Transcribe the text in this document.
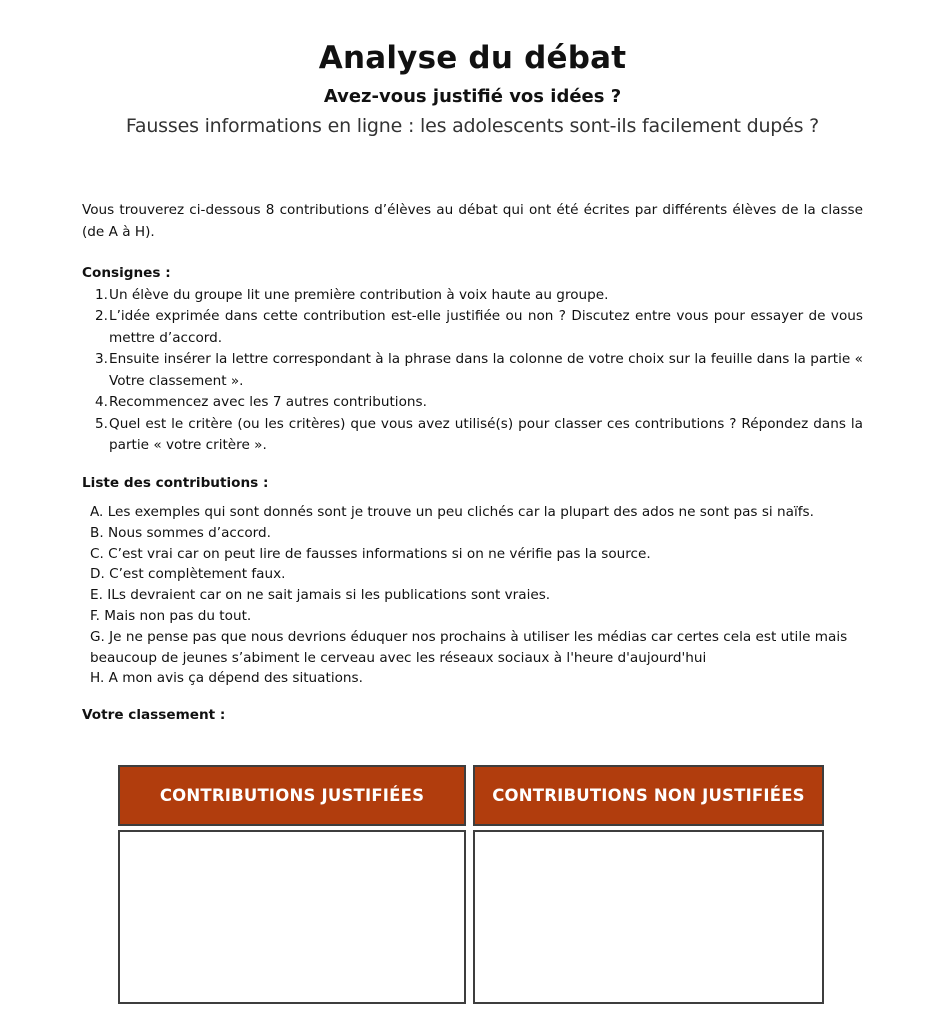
Analyse du débat
Avez-vous justifié vos idées ?
Fausses informations en ligne : les adolescents sont-ils facilement dupés ?

Vous trouverez ci-dessous 8 contributions d’élèves au débat qui ont été écrites par différents élèves de la classe (de A à H).

Consignes :
1. Un élève du groupe lit une première contribution à voix haute au groupe.
2. L’idée exprimée dans cette contribution est-elle justifiée ou non ? Discutez entre vous pour essayer de vous mettre d’accord.
3. Ensuite insérer la lettre correspondant à la phrase dans la colonne de votre choix sur la feuille dans la partie « Votre classement ».
4. Recommencez avec les 7 autres contributions.
5. Quel est le critère (ou les critères) que vous avez utilisé(s) pour classer ces contributions ? Répondez dans la partie « votre critère ».
Liste des contributions :
A. Les exemples qui sont donnés sont je trouve un peu clichés car la plupart des ados ne sont pas si naïfs.
B. Nous sommes d’accord.
C. C’est vrai car on peut lire de fausses informations si on ne vérifie pas la source.
D. C’est complètement faux.
E. ILs devraient car on ne sait jamais si les publications sont vraies.
F. Mais non pas du tout.
G. Je ne pense pas que nous devrions éduquer nos prochains à utiliser les médias car certes cela est utile mais beaucoup de jeunes s’abiment le cerveau avec les réseaux sociaux à l'heure d'aujourd'hui
H. A mon avis ça dépend des situations.
Votre classement :
CONTRIBUTIONS JUSTIFIÉES	CONTRIBUTIONS NON JUSTIFIÉES
